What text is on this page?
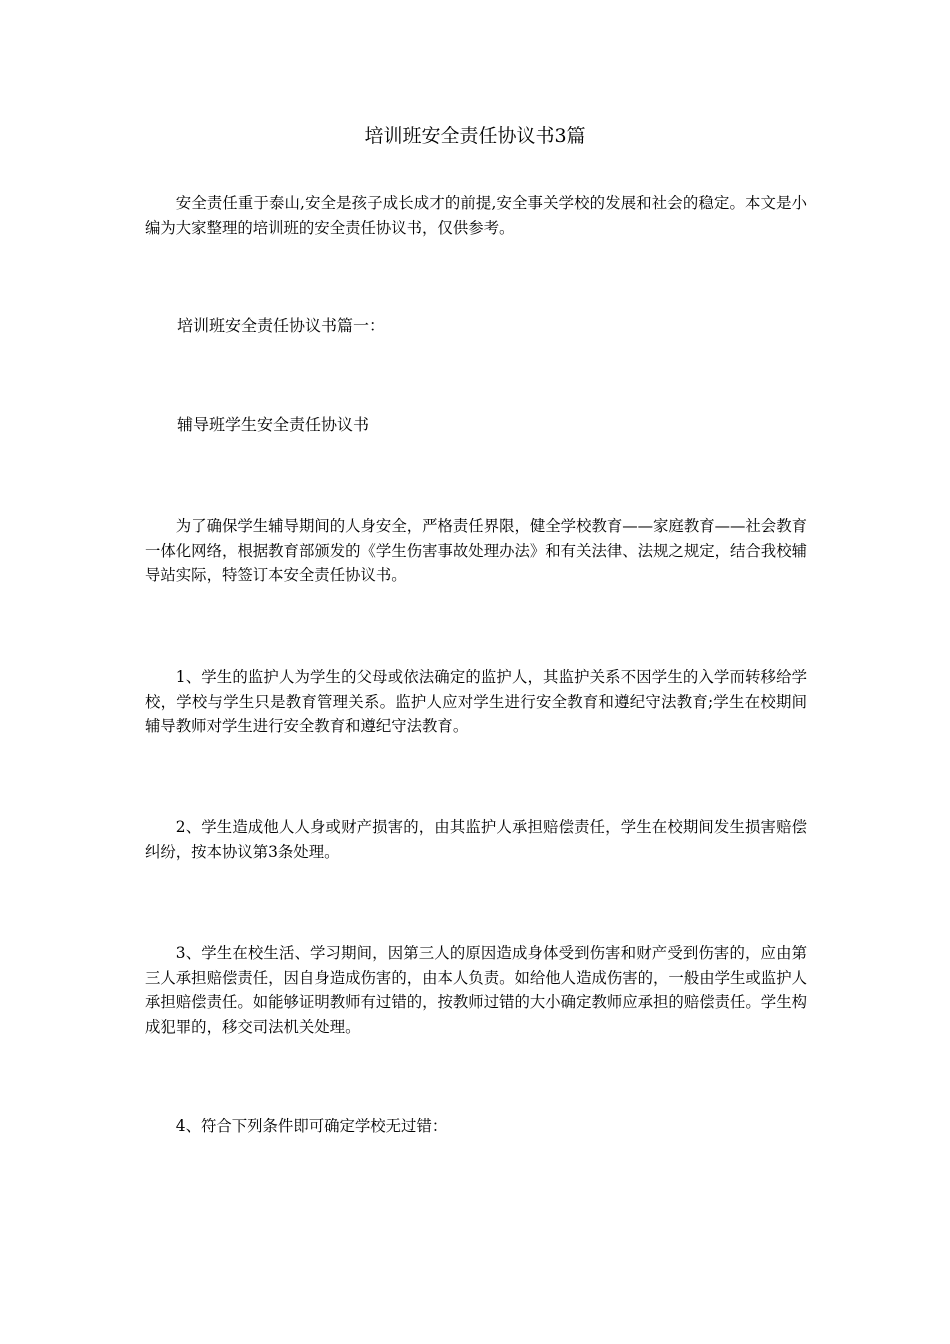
培训班安全责任协议书3篇

安全责任重于泰山,安全是孩子成长成才的前提,安全事关学校的发展和社会的稳定。本文是小编为大家整理的培训班的安全责任协议书，仅供参考。

培训班安全责任协议书篇一：

辅导班学生安全责任协议书

为了确保学生辅导期间的人身安全，严格责任界限，健全学校教育——家庭教育——社会教育一体化网络，根据教育部颁发的《学生伤害事故处理办法》和有关法律、法规之规定，结合我校辅导站实际，特签订本安全责任协议书。

1、学生的监护人为学生的父母或依法确定的监护人，其监护关系不因学生的入学而转移给学校，学校与学生只是教育管理关系。监护人应对学生进行安全教育和遵纪守法教育;学生在校期间辅导教师对学生进行安全教育和遵纪守法教育。

2、学生造成他人人身或财产损害的，由其监护人承担赔偿责任，学生在校期间发生损害赔偿纠纷，按本协议第3条处理。

3、学生在校生活、学习期间，因第三人的原因造成身体受到伤害和财产受到伤害的，应由第三人承担赔偿责任，因自身造成伤害的，由本人负责。如给他人造成伤害的，一般由学生或监护人承担赔偿责任。如能够证明教师有过错的，按教师过错的大小确定教师应承担的赔偿责任。学生构成犯罪的，移交司法机关处理。

4、符合下列条件即可确定学校无过错：
